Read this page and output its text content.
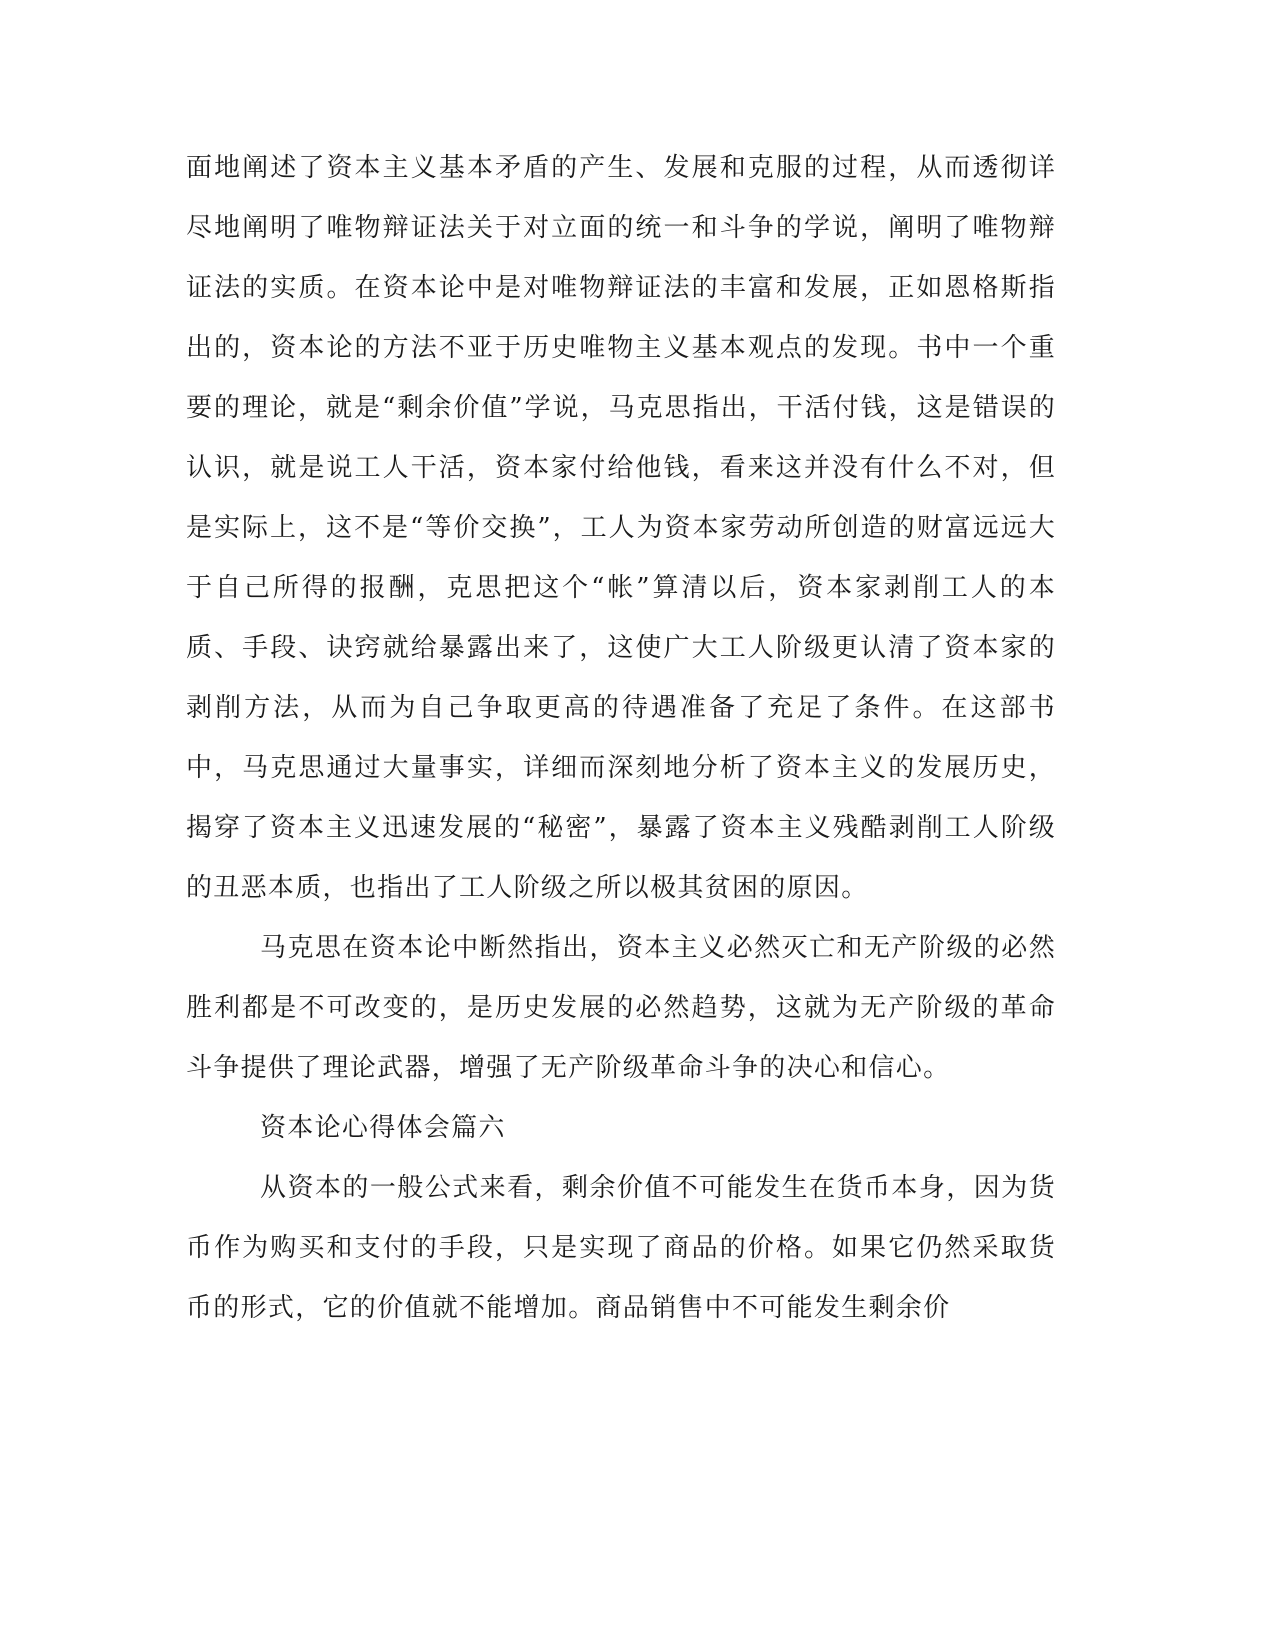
面地阐述了资本主义基本矛盾的产生、发展和克服的过程，从而透彻详尽地阐明了唯物辩证法关于对立面的统一和斗争的学说，阐明了唯物辩证法的实质。在资本论中是对唯物辩证法的丰富和发展，正如恩格斯指出的，资本论的方法不亚于历史唯物主义基本观点的发现。书中一个重要的理论，就是“剩余价值”学说，马克思指出，干活付钱，这是错误的认识，就是说工人干活，资本家付给他钱，看来这并没有什么不对，但是实际上，这不是“等价交换”，工人为资本家劳动所创造的财富远远大于自己所得的报酬，克思把这个“帐”算清以后，资本家剥削工人的本质、手段、诀窍就给暴露出来了，这使广大工人阶级更认清了资本家的剥削方法，从而为自己争取更高的待遇准备了充足了条件。在这部书中，马克思通过大量事实，详细而深刻地分析了资本主义的发展历史，揭穿了资本主义迅速发展的“秘密”，暴露了资本主义残酷剥削工人阶级的丑恶本质，也指出了工人阶级之所以极其贫困的原因。

马克思在资本论中断然指出，资本主义必然灭亡和无产阶级的必然胜利都是不可改变的，是历史发展的必然趋势，这就为无产阶级的革命斗争提供了理论武器，增强了无产阶级革命斗争的决心和信心。

资本论心得体会篇六

从资本的一般公式来看，剩余价值不可能发生在货币本身，因为货币作为购买和支付的手段，只是实现了商品的价格。如果它仍然采取货币的形式，它的价值就不能增加。商品销售中不可能发生剩余价
